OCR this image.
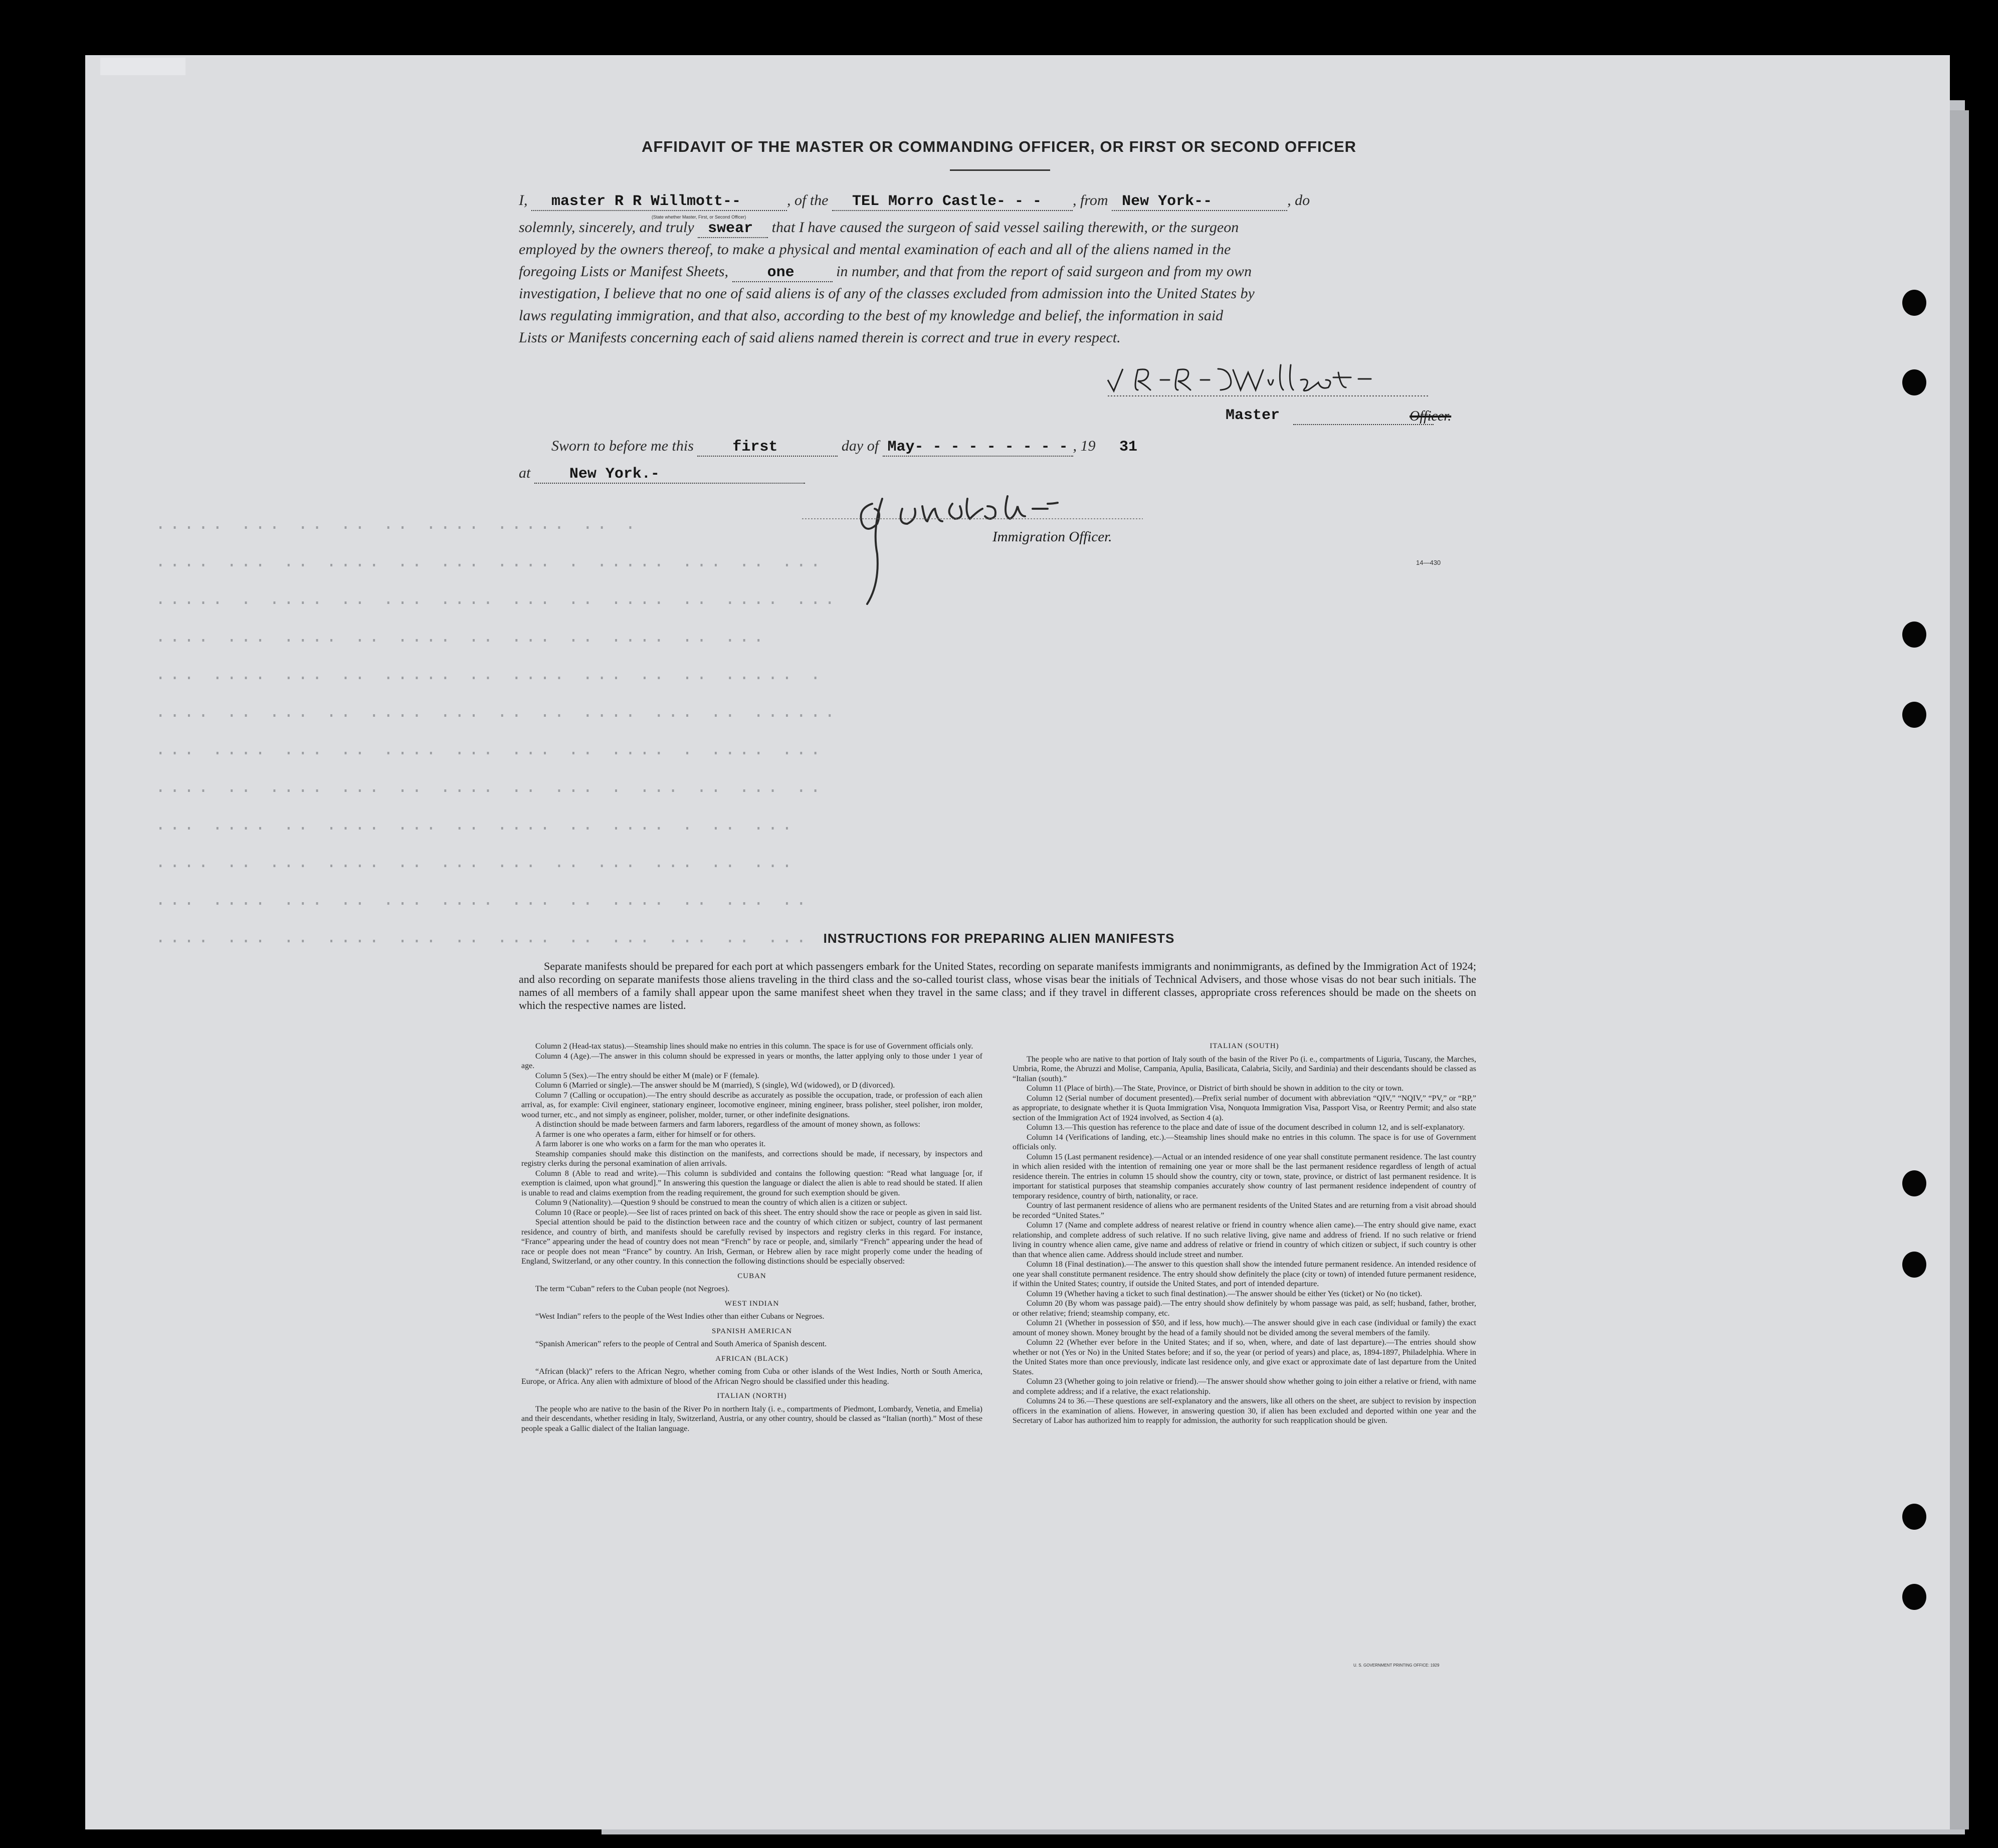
····· ··· ·· ·· ·· ···· ····· ·· ·
···· ··· ·· ···· ·· ··· ···· · ····· ··· ·· ···
····· · ···· ·· ··· ···· ··· ·· ···· ·· ···· ···
···· ··· ···· ·· ···· ·· ··· ·· ···· ·· ···
··· ···· ··· ·· ····· ·· ···· ··· ·· ·· ····· ·
···· ·· ··· ·· ···· ··· ·· ·· ···· ··· ·· ······
··· ···· ··· ·· ···· ··· ··· ·· ···· · ···· ···
···· ·· ···· ··· ·· ···· ·· ··· · ··· ·· ··· ··
··· ···· ·· ···· ··· ·· ···· ·· ···· · ·· ···
···· ·· ··· ···· ·· ··· ··· ·· ··· ··· ·· ···
··· ···· ··· ·· ··· ···· ··· ·· ···· ·· ··· ··
···· ··· ·· ···· ··· ·· ···· ·· ··· ··· ·· ···
AFFIDAVIT OF THE MASTER OR COMMANDING OFFICER, OR FIRST OR SECOND OFFICER
I, master R R Willmott--	, of the TEL Morro Castle- - - , from New York--	, do
(State whether Master, First, or Second Officer)
solemnly, sincerely, and truly swear that I have caused the surgeon of said vessel sailing therewith, or the surgeon
employed by the owners thereof, to make a physical and mental examination of each and all of the aliens named in the
foregoing Lists or Manifest Sheets,	one	in number, and that from the report of said surgeon and from my own
investigation, I believe that no one of said aliens is of any of the classes excluded from admission into the United States by
laws regulating immigration, and that also, according to the best of my knowledge and belief, the information in said
Lists or Manifests concerning each of said aliens named therein is correct and true in every respect.
Master	Officer.
Sworn to before me this	first	day of May- - - - - - - - - , 19 31
at	New York.-
Immigration Officer.
14—430
INSTRUCTIONS FOR PREPARING ALIEN MANIFESTS
Separate manifests should be prepared for each port at which passengers embark for the United States, recording on separate manifests immigrants and nonimmigrants, as defined by the Immigration Act of 1924; and also recording on separate manifests those aliens traveling in the third class and the so-called tourist class, whose visas bear the initials of Technical Advisers, and those whose visas do not bear such initials. The names of all members of a family shall appear upon the same manifest sheet when they travel in the same class; and if they travel in different classes, appropriate cross references should be made on the sheets on which the respective names are listed.

Column 2 (Head-tax status).—Steamship lines should make no entries in this column. The space is for use of Government officials only.

Column 4 (Age).—The answer in this column should be expressed in years or months, the latter applying only to those under 1 year of age.

Column 5 (Sex).—The entry should be either M (male) or F (female).

Column 6 (Married or single).—The answer should be M (married), S (single), Wd (widowed), or D (divorced).

Column 7 (Calling or occupation).—The entry should describe as accurately as possible the occupation, trade, or profession of each alien arrival, as, for example: Civil engineer, stationary engineer, locomotive engineer, mining engineer, brass polisher, steel polisher, iron molder, wood turner, etc., and not simply as engineer, polisher, molder, turner, or other indefinite designations.

A distinction should be made between farmers and farm laborers, regardless of the amount of money shown, as follows:

A farmer is one who operates a farm, either for himself or for others.

A farm laborer is one who works on a farm for the man who operates it.

Steamship companies should make this distinction on the manifests, and corrections should be made, if necessary, by inspectors and registry clerks during the personal examination of alien arrivals.

Column 8 (Able to read and write).—This column is subdivided and contains the following question: “Read what language [or, if exemption is claimed, upon what ground].” In answering this question the language or dialect the alien is able to read should be stated. If alien is unable to read and claims exemption from the reading requirement, the ground for such exemption should be given.

Column 9 (Nationality).—Question 9 should be construed to mean the country of which alien is a citizen or subject.

Column 10 (Race or people).—See list of races printed on back of this sheet. The entry should show the race or people as given in said list.

Special attention should be paid to the distinction between race and the country of which citizen or subject, country of last permanent residence, and country of birth, and manifests should be carefully revised by inspectors and registry clerks in this regard. For instance, “France” appearing under the head of country does not mean “French” by race or people, and, similarly “French” appearing under the head of race or people does not mean “France” by country. An Irish, German, or Hebrew alien by race might properly come under the heading of England, Switzerland, or any other country. In this connection the following distinctions should be especially observed:

CUBAN

The term “Cuban” refers to the Cuban people (not Negroes).

WEST INDIAN

“West Indian” refers to the people of the West Indies other than either Cubans or Negroes.

SPANISH AMERICAN

“Spanish American” refers to the people of Central and South America of Spanish descent.

AFRICAN (BLACK)

“African (black)” refers to the African Negro, whether coming from Cuba or other islands of the West Indies, North or South America, Europe, or Africa. Any alien with admixture of blood of the African Negro should be classified under this heading.

ITALIAN (NORTH)

The people who are native to the basin of the River Po in northern Italy (i. e., compartments of Piedmont, Lombardy, Venetia, and Emelia) and their descendants, whether residing in Italy, Switzerland, Austria, or any other country, should be classed as “Italian (north).” Most of these people speak a Gallic dialect of the Italian language.

ITALIAN (SOUTH)

The people who are native to that portion of Italy south of the basin of the River Po (i. e., compartments of Liguria, Tuscany, the Marches, Umbria, Rome, the Abruzzi and Molise, Campania, Apulia, Basilicata, Calabria, Sicily, and Sardinia) and their descendants should be classed as “Italian (south).”

Column 11 (Place of birth).—The State, Province, or District of birth should be shown in addition to the city or town.

Column 12 (Serial number of document presented).—Prefix serial number of document with abbreviation “QIV,” “NQIV,” “PV,” or “RP,” as appropriate, to designate whether it is Quota Immigration Visa, Nonquota Immigration Visa, Passport Visa, or Reentry Permit; and also state section of the Immigration Act of 1924 involved, as Section 4 (a).

Column 13.—This question has reference to the place and date of issue of the document described in column 12, and is self-explanatory.

Column 14 (Verifications of landing, etc.).—Steamship lines should make no entries in this column. The space is for use of Government officials only.

Column 15 (Last permanent residence).—Actual or an intended residence of one year shall constitute permanent residence. The last country in which alien resided with the intention of remaining one year or more shall be the last permanent residence regardless of length of actual residence therein. The entries in column 15 should show the country, city or town, state, province, or district of last permanent residence. It is important for statistical purposes that steamship companies accurately show country of last permanent residence independent of country of temporary residence, country of birth, nationality, or race.

Country of last permanent residence of aliens who are permanent residents of the United States and are returning from a visit abroad should be recorded “United States.”

Column 17 (Name and complete address of nearest relative or friend in country whence alien came).—The entry should give name, exact relationship, and complete address of such relative. If no such relative living, give name and address of friend. If no such relative or friend living in country whence alien came, give name and address of relative or friend in country of which citizen or subject, if such country is other than that whence alien came. Address should include street and number.

Column 18 (Final destination).—The answer to this question shall show the intended future permanent residence. An intended residence of one year shall constitute permanent residence. The entry should show definitely the place (city or town) of intended future permanent residence, if within the United States; country, if outside the United States, and port of intended departure.

Column 19 (Whether having a ticket to such final destination).—The answer should be either Yes (ticket) or No (no ticket).

Column 20 (By whom was passage paid).—The entry should show definitely by whom passage was paid, as self; husband, father, brother, or other relative; friend; steamship company, etc.

Column 21 (Whether in possession of $50, and if less, how much).—The answer should give in each case (individual or family) the exact amount of money shown. Money brought by the head of a family should not be divided among the several members of the family.

Column 22 (Whether ever before in the United States; and if so, when, where, and date of last departure).—The entries should show whether or not (Yes or No) in the United States before; and if so, the year (or period of years) and place, as, 1894-1897, Philadelphia. Where in the United States more than once previously, indicate last residence only, and give exact or approximate date of last departure from the United States.

Column 23 (Whether going to join relative or friend).—The answer should show whether going to join either a relative or friend, with name and complete address; and if a relative, the exact relationship.

Columns 24 to 36.—These questions are self-explanatory and the answers, like all others on the sheet, are subject to revision by inspection officers in the examination of aliens. However, in answering question 30, if alien has been excluded and deported within one year and the Secretary of Labor has authorized him to reapply for admission, the authority for such reapplication should be given.

U. S. GOVERNMENT PRINTING OFFICE: 1929
